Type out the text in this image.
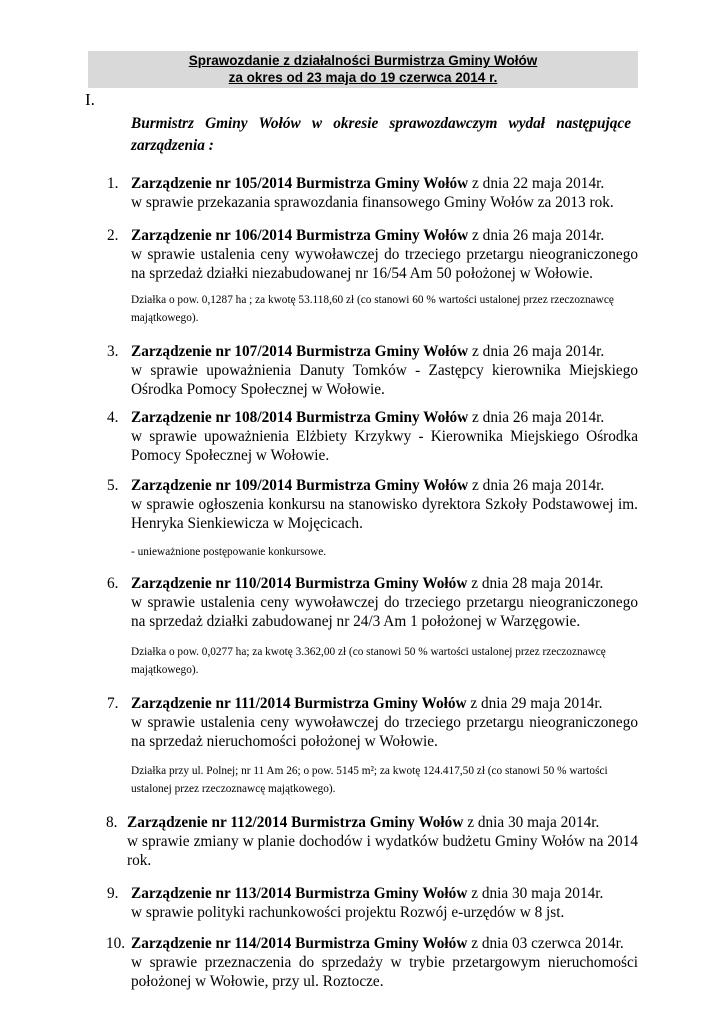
Sprawozdanie z działalności Burmistrza Gminy Wołów
za okres od 23 maja do 19 czerwca 2014 r.
I.
Burmistrz Gminy Wołów w okresie sprawozdawczym wydał następujące zarządzenia :
1. Zarządzenie nr 105/2014 Burmistrza Gminy Wołów z dnia 22 maja 2014r.
w sprawie przekazania sprawozdania finansowego Gminy Wołów za 2013 rok.
2. Zarządzenie nr 106/2014 Burmistrza Gminy Wołów z dnia 26 maja 2014r.
w sprawie ustalenia ceny wywoławczej do trzeciego przetargu nieograniczonego na sprzedaż działki niezabudowanej nr 16/54 Am 50 położonej w Wołowie.
Działka o pow. 0,1287 ha ; za kwotę 53.118,60 zł (co stanowi 60 % wartości ustalonej przez rzeczoznawcę majątkowego).
3. Zarządzenie nr 107/2014 Burmistrza Gminy Wołów z dnia 26 maja 2014r.
w sprawie upoważnienia Danuty Tomków - Zastępcy kierownika Miejskiego Ośrodka Pomocy Społecznej w Wołowie.
4. Zarządzenie nr 108/2014 Burmistrza Gminy Wołów z dnia 26 maja 2014r.
w sprawie upoważnienia Elżbiety Krzykwy - Kierownika Miejskiego Ośrodka Pomocy Społecznej w Wołowie.
5. Zarządzenie nr 109/2014 Burmistrza Gminy Wołów z dnia 26 maja 2014r.
w sprawie ogłoszenia konkursu na stanowisko dyrektora Szkoły Podstawowej im. Henryka Sienkiewicza w Mojęcicach.
- unieważnione postępowanie konkursowe.
6. Zarządzenie nr 110/2014 Burmistrza Gminy Wołów z dnia 28 maja 2014r.
w sprawie ustalenia ceny wywoławczej do trzeciego przetargu nieograniczonego na sprzedaż działki zabudowanej nr 24/3 Am 1 położonej w Warzęgowie.
Działka o pow. 0,0277 ha; za kwotę 3.362,00 zł (co stanowi 50 % wartości ustalonej przez rzeczoznawcę majątkowego).
7. Zarządzenie nr 111/2014 Burmistrza Gminy Wołów z dnia 29 maja 2014r.
w sprawie ustalenia ceny wywoławczej do trzeciego przetargu nieograniczonego na sprzedaż nieruchomości położonej w Wołowie.
Działka przy ul. Polnej; nr 11 Am 26; o pow. 5145 m²; za kwotę 124.417,50 zł (co stanowi 50 % wartości ustalonej przez rzeczoznawcę majątkowego).
8. Zarządzenie nr 112/2014 Burmistrza Gminy Wołów z dnia 30 maja 2014r.
w sprawie zmiany w planie dochodów i wydatków budżetu Gminy Wołów na 2014 rok.
9. Zarządzenie nr 113/2014 Burmistrza Gminy Wołów z dnia 30 maja 2014r.
w sprawie polityki rachunkowości projektu Rozwój e-urzędów w 8 jst.
10. Zarządzenie nr 114/2014 Burmistrza Gminy Wołów z dnia 03 czerwca 2014r.
w sprawie przeznaczenia do sprzedaży w trybie przetargowym nieruchomości położonej w Wołowie, przy ul. Roztocze.
